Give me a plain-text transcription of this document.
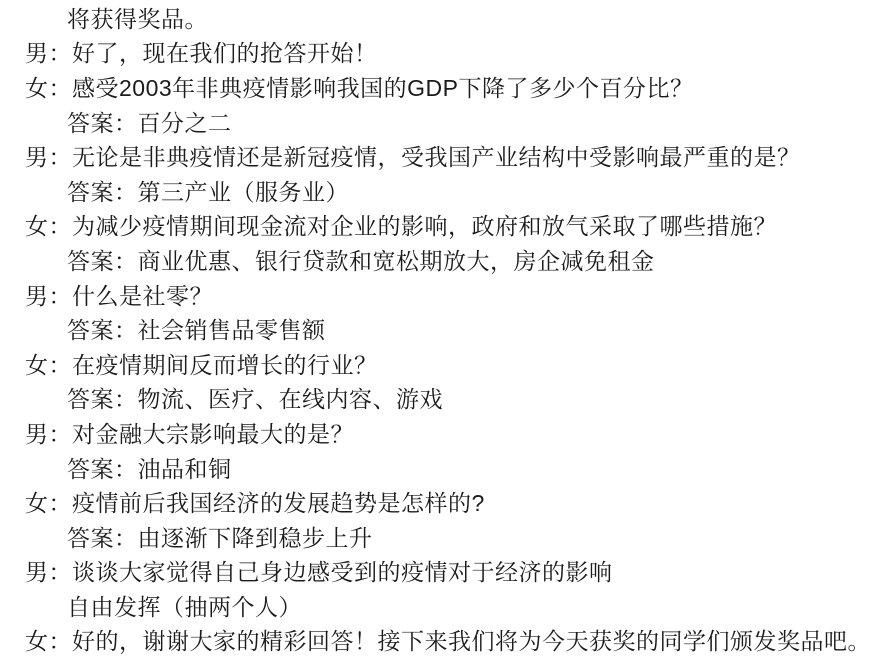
将获得奖品。
男：好了，现在我们的抢答开始！
女：感受2003年非典疫情影响我国的GDP下降了多少个百分比？
答案：百分之二
男：无论是非典疫情还是新冠疫情，受我国产业结构中受影响最严重的是？
答案：第三产业（服务业）
女：为减少疫情期间现金流对企业的影响，政府和放气采取了哪些措施？
答案：商业优惠、银行贷款和宽松期放大，房企减免租金
男：什么是社零？
答案：社会销售品零售额
女：在疫情期间反而增长的行业？
答案：物流、医疗、在线内容、游戏
男：对金融大宗影响最大的是？
答案：油品和铜
女：疫情前后我国经济的发展趋势是怎样的?
答案：由逐渐下降到稳步上升
男：谈谈大家觉得自己身边感受到的疫情对于经济的影响
自由发挥（抽两个人）
女：好的，谢谢大家的精彩回答！接下来我们将为今天获奖的同学们颁发奖品吧。
